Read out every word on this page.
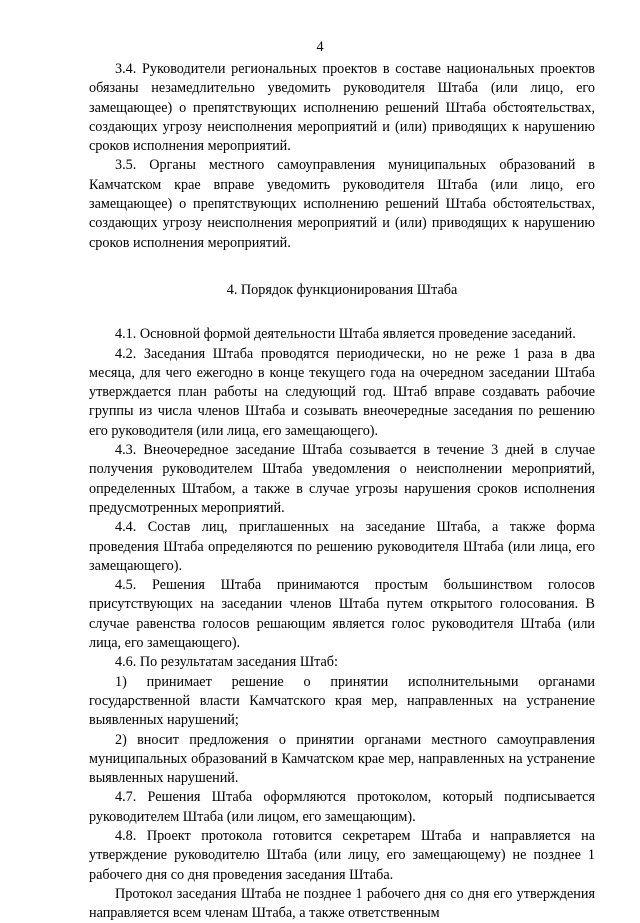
4

3.4. Руководители региональных проектов в составе национальных проектов обязаны незамедлительно уведомить руководителя Штаба (или лицо, его замещающее) о препятствующих исполнению решений Штаба обстоятельствах, создающих угрозу неисполнения мероприятий и (или) приводящих к нарушению сроков исполнения мероприятий.

3.5. Органы местного самоуправления муниципальных образований в Камчатском крае вправе уведомить руководителя Штаба (или лицо, его замещающее) о препятствующих исполнению решений Штаба обстоятельствах, создающих угрозу неисполнения мероприятий и (или) приводящих к нарушению сроков исполнения мероприятий.

4. Порядок функционирования Штаба

4.1. Основной формой деятельности Штаба является проведение заседаний.

4.2. Заседания Штаба проводятся периодически, но не реже 1 раза в два месяца, для чего ежегодно в конце текущего года на очередном заседании Штаба утверждается план работы на следующий год. Штаб вправе создавать рабочие группы из числа членов Штаба и созывать внеочередные заседания по решению его руководителя (или лица, его замещающего).

4.3. Внеочередное заседание Штаба созывается в течение 3 дней в случае получения руководителем Штаба уведомления о неисполнении мероприятий, определенных Штабом, а также в случае угрозы нарушения сроков исполнения предусмотренных мероприятий.

4.4. Состав лиц, приглашенных на заседание Штаба, а также форма проведения Штаба определяются по решению руководителя Штаба (или лица, его замещающего).

4.5. Решения Штаба принимаются простым большинством голосов присутствующих на заседании членов Штаба путем открытого голосования. В случае равенства голосов решающим является голос руководителя Штаба (или лица, его замещающего).

4.6. По результатам заседания Штаб:

1) принимает решение о принятии исполнительными органами государственной власти Камчатского края мер, направленных на устранение выявленных нарушений;

2) вносит предложения о принятии органами местного самоуправления муниципальных образований в Камчатском крае мер, направленных на устранение выявленных нарушений.

4.7. Решения Штаба оформляются протоколом, который подписывается руководителем Штаба (или лицом, его замещающим).

4.8. Проект протокола готовится секретарем Штаба и направляется на утверждение руководителю Штаба (или лицу, его замещающему) не позднее 1 рабочего дня со дня проведения заседания Штаба.

Протокол заседания Штаба не позднее 1 рабочего дня со дня его утверждения направляется всем членам Штаба, а также ответственным
